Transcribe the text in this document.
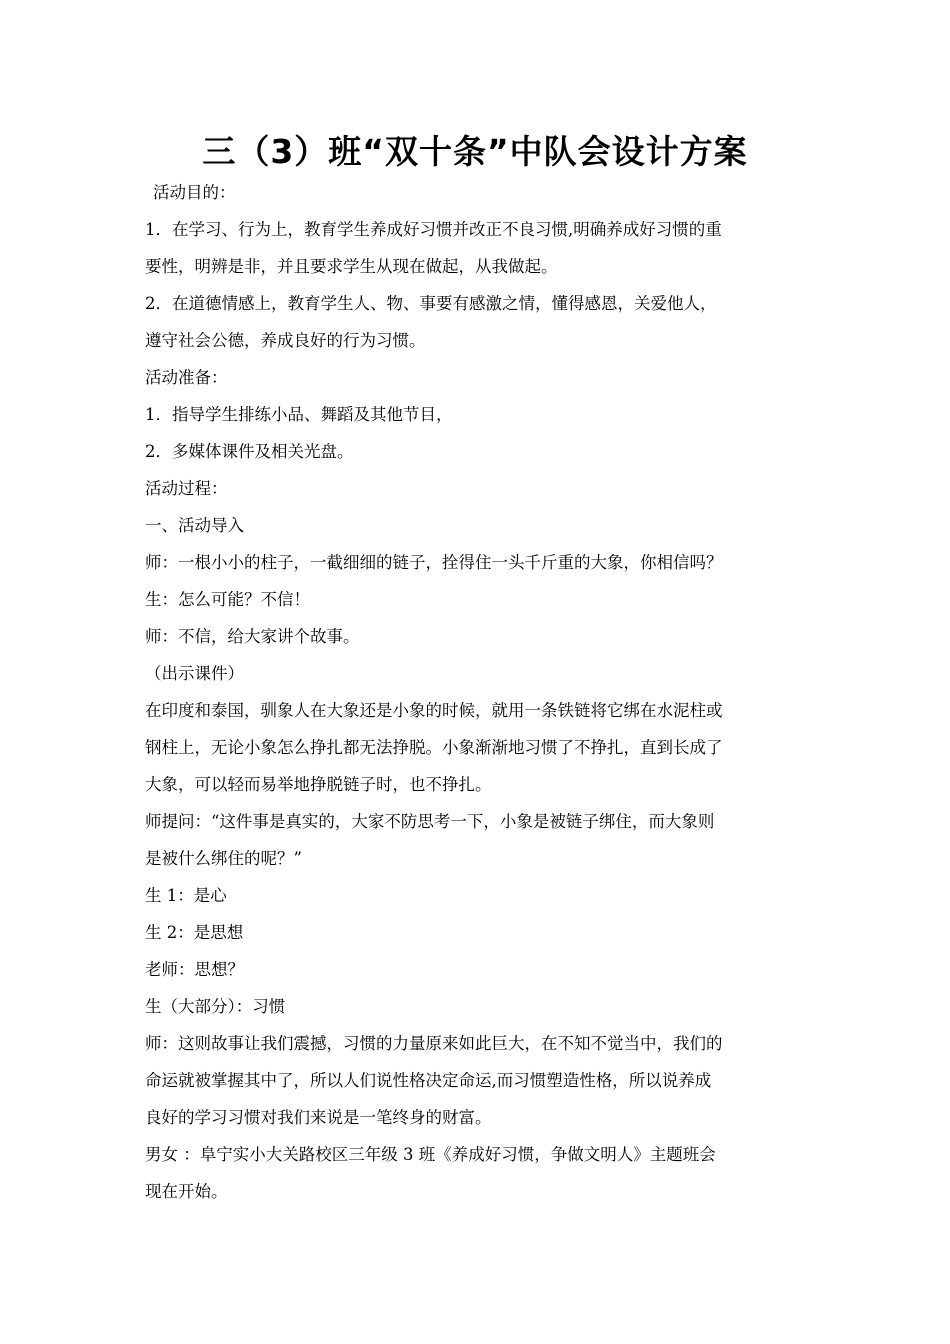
三（3）班“双十条”中队会设计方案

活动目的：

1．在学习、行为上，教育学生养成好习惯并改正不良习惯,明确养成好习惯的重

要性，明辨是非，并且要求学生从现在做起，从我做起。

2．在道德情感上，教育学生人、物、事要有感激之情，懂得感恩，关爱他人，

遵守社会公德，养成良好的行为习惯。

活动准备：

1．指导学生排练小品、舞蹈及其他节目，

2．多媒体课件及相关光盘。

活动过程：

一、活动导入

师：一根小小的柱子，一截细细的链子，拴得住一头千斤重的大象，你相信吗？

生：怎么可能？不信！

师：不信，给大家讲个故事。

（出示课件）

在印度和泰国，驯象人在大象还是小象的时候，就用一条铁链将它绑在水泥柱或

钢柱上，无论小象怎么挣扎都无法挣脱。小象渐渐地习惯了不挣扎，直到长成了

大象，可以轻而易举地挣脱链子时，也不挣扎。

师提问：“这件事是真实的，大家不防思考一下，小象是被链子绑住，而大象则

是被什么绑住的呢？”

生 1：是心

生 2：是思想

老师：思想？

生（大部分）：习惯

师：这则故事让我们震撼，习惯的力量原来如此巨大，在不知不觉当中，我们的

命运就被掌握其中了，所以人们说性格决定命运,而习惯塑造性格，所以说养成

良好的学习习惯对我们来说是一笔终身的财富。

男女 ：阜宁实小大关路校区三年级 3 班《养成好习惯，争做文明人》主题班会

现在开始。
